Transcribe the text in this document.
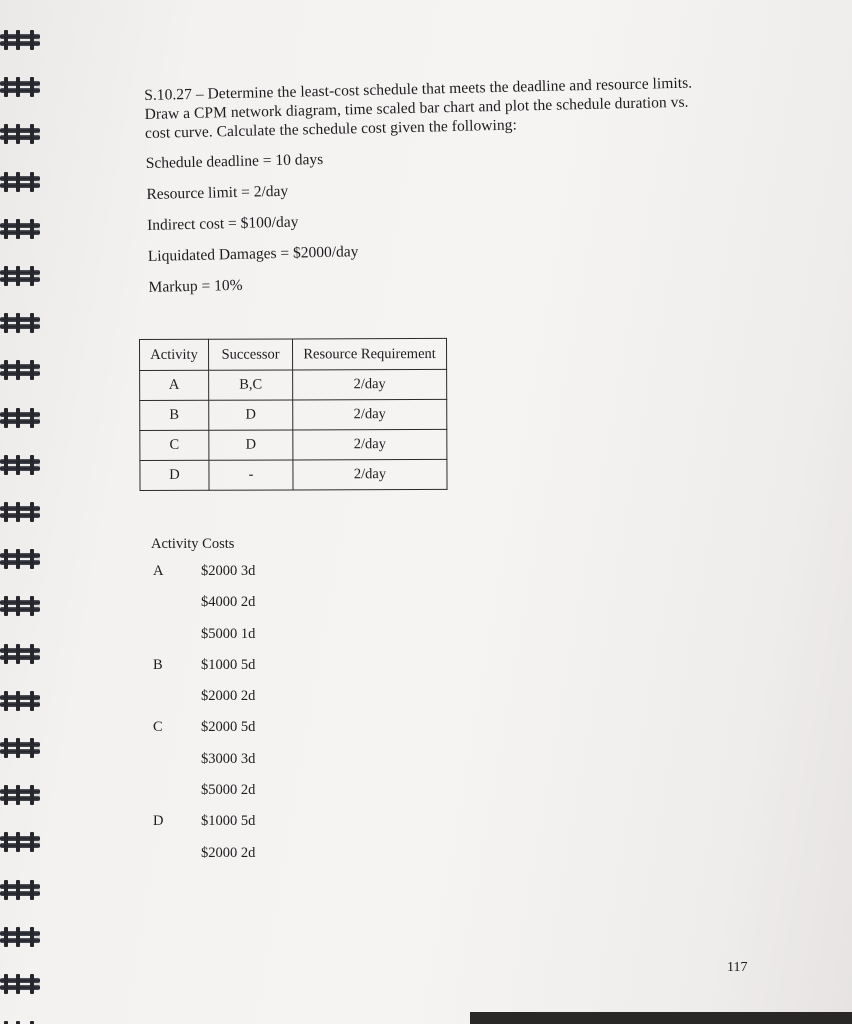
S.10.27 – Determine the least-cost schedule that meets the deadline and resource limits. Draw a CPM network diagram, time scaled bar chart and plot the schedule duration vs. cost curve. Calculate the schedule cost given the following:

Schedule deadline = 10 days

Resource limit = 2/day

Indirect cost = $100/day

Liquidated Damages = $2000/day

Markup = 10%

Activity	Successor	Resource Requirement
A	B,C	2/day
B	D	2/day
C	D	2/day
D	-	2/day

Activity Costs

A	$2000 3d
$4000 2d
$5000 1d
B	$1000 5d
$2000 2d
C	$2000 5d
$3000 3d
$5000 2d
D	$1000 5d
$2000 2d
117
